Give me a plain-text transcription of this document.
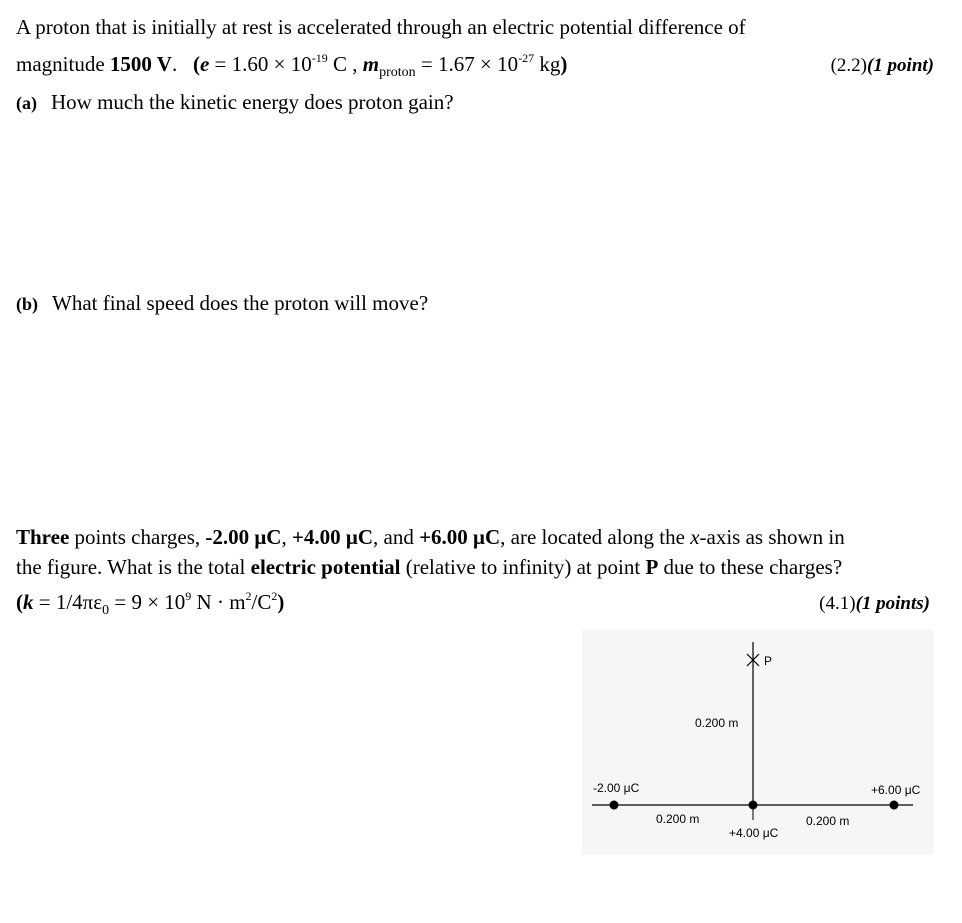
A proton that is initially at rest is accelerated through an electric potential difference of
magnitude 1500 V. ($e = 1.60 \times 10^{-19}$ C , $m_{proton} = 1.67 \times 10^{-27}$ kg)	(2.2)(1 point)
(a) How much the kinetic energy does proton gain?
(b) What final speed does the proton will move?
Three points charges, -2.00 μC, +4.00 μC, and +6.00 μC, are located along the x-axis as shown in
the figure. What is the total electric potential (relative to infinity) at point P due to these charges?
($k = 1/4\pi\varepsilon_0 = 9 \times 10^9$ $N \cdot m^2/C^2$)	(4.1)(1 points)
P
0.200 m
-2.00 μC	+6.00 μC
+4.00 μC
0.200 m	0.200 m
